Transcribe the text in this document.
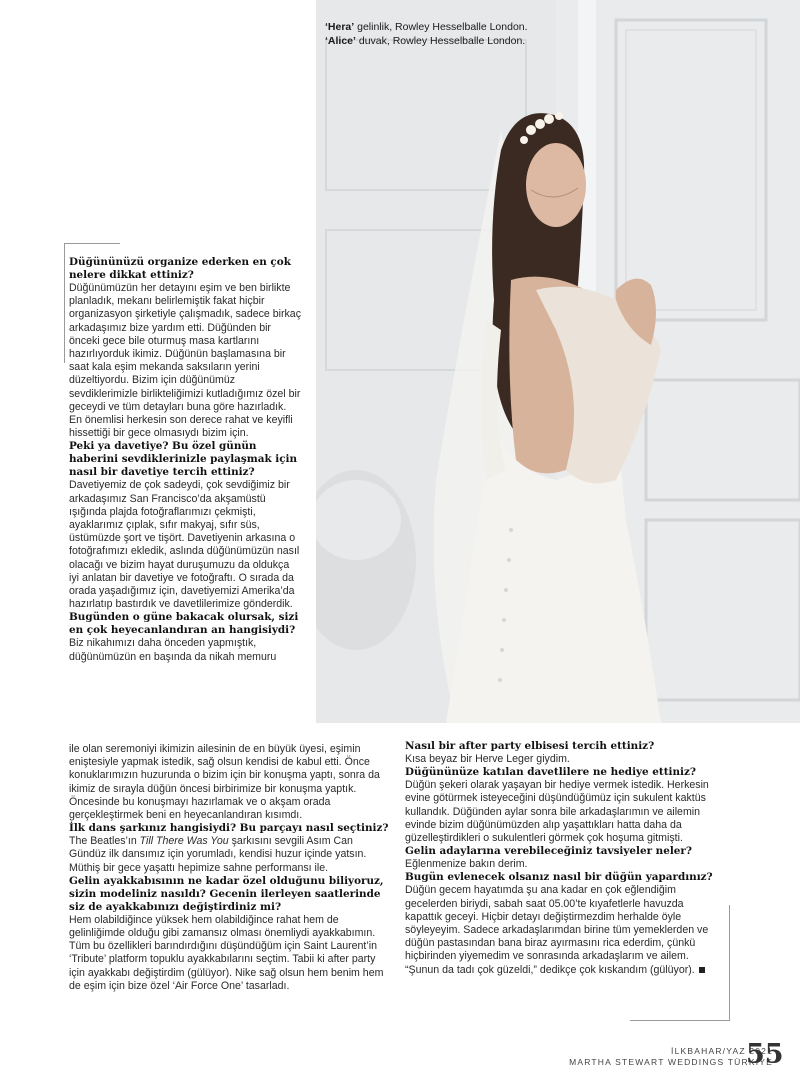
‘Hera’ gelinlik, Rowley Hesselballe London.
‘Alice’ duvak, Rowley Hesselballe London.
Düğününüzü organize ederken en çok nelere dikkat ettiniz?
Düğünümüzün her detayını eşim ve ben birlikte planladık, mekanı belirlemiştik fakat hiçbir organizasyon şirketiyle çalışmadık, sadece birkaç arkadaşımız bize yardım etti. Düğünden bir önceki gece bile oturmuş masa kartlarını hazırlıyorduk ikimiz. Düğünün başlamasına bir saat kala eşim mekanda saksıların yerini düzeltiyordu. Bizim için düğünümüz sevdiklerimizle birlikteliğimizi kutladığımız özel bir geceydi ve tüm detayları buna göre hazırladık. En önemlisi herkesin son derece rahat ve keyifli hissettiği bir gece olmasıydı bizim için.
Peki ya davetiye? Bu özel günün haberini sevdiklerinizle paylaşmak için nasıl bir davetiye tercih ettiniz?
Davetiyemiz de çok sadeydi, çok sevdiğimiz bir arkadaşımız San Francisco’da akşamüstü ışığında plajda fotoğraflarımızı çekmişti, ayaklarımız çıplak, sıfır makyaj, sıfır süs, üstümüzde şort ve tişört. Davetiyenin arkasına o fotoğrafımızı ekledik, aslında düğünümüzün nasıl olacağı ve bizim hayat duruşumuzu da oldukça iyi anlatan bir davetiye ve fotoğraftı. O sırada da orada yaşadığımız için, davetiyemizi Amerika’da hazırlatıp bastırdık ve davetlilerimize gönderdik.
Bugünden o güne bakacak olursak, sizi en çok heyecanlandıran an hangisiydi?
Biz nikahımızı daha önceden yapmıştık, düğünümüzün en başında da nikah memuru
ile olan seremoniyi ikimizin ailesinin de en büyük üyesi, eşimin eniştesiyle yapmak istedik, sağ olsun kendisi de kabul etti. Önce konuklarımızın huzurunda o bizim için bir konuşma yaptı, sonra da ikimiz de sırayla düğün öncesi birbirimize bir konuşma yaptık. Öncesinde bu konuşmayı hazırlamak ve o akşam orada gerçekleştirmek beni en heyecanlandıran kısımdı.
İlk dans şarkınız hangisiydi? Bu parçayı nasıl seçtiniz?
The Beatles’ın Till There Was You şarkısını sevgili Asım Can Gündüz ilk dansımız için yorumladı, kendisi huzur içinde yatsın. Müthiş bir gece yaşattı hepimize sahne performansı ile.
Gelin ayakkabısının ne kadar özel olduğunu biliyoruz, sizin modeliniz nasıldı? Gecenin ilerleyen saatlerinde siz de ayakkabınızı değiştirdiniz mi?
Hem olabildiğince yüksek hem olabildiğince rahat hem de gelinliğimde olduğu gibi zamansız olması önemliydi ayakkabımın. Tüm bu özellikleri barındırdığını düşündüğüm için Saint Laurent’in ‘Tribute’ platform topuklu ayakkabılarını seçtim. Tabii ki after party için ayakkabı değiştirdim (gülüyor). Nike sağ olsun hem benim hem de eşim için bize özel ‘Air Force One’ tasarladı.
Nasıl bir after party elbisesi tercih ettiniz?
Kısa beyaz bir Herve Leger giydim.
Düğününüze katılan davetlilere ne hediye ettiniz?
Düğün şekeri olarak yaşayan bir hediye vermek istedik. Herkesin evine götürmek isteyeceğini düşündüğümüz için sukulent kaktüs kullandık. Düğünden aylar sonra bile arkadaşlarımın ve ailemin evinde bizim düğünümüzden alıp yaşattıkları hatta daha da güzelleştirdikleri o sukulentleri görmek çok hoşuma gitmişti.
Gelin adaylarına verebileceğiniz tavsiyeler neler?
Eğlenmenize bakın derim.
Bugün evlenecek olsanız nasıl bir düğün yapardınız?
Düğün gecem hayatımda şu ana kadar en çok eğlendiğim gecelerden biriydi, sabah saat 05.00’te kıyafetlerle havuzda kapattık geceyi. Hiçbir detayı değiştirmezdim herhalde öyle söyleyeyim. Sadece arkadaşlarımdan birine tüm yemeklerden ve düğün pastasından bana biraz ayırmasını rica ederdim, çünkü hiçbirinden yiyemedim ve sonrasında arkadaşlarım ve ailem. “Şunun da tadı çok güzeldi,” dedikçe çok kıskandım (gülüyor).
İLKBAHAR/YAZ 2021
MARTHA STEWART WEDDINGS TÜRKIYE
55
